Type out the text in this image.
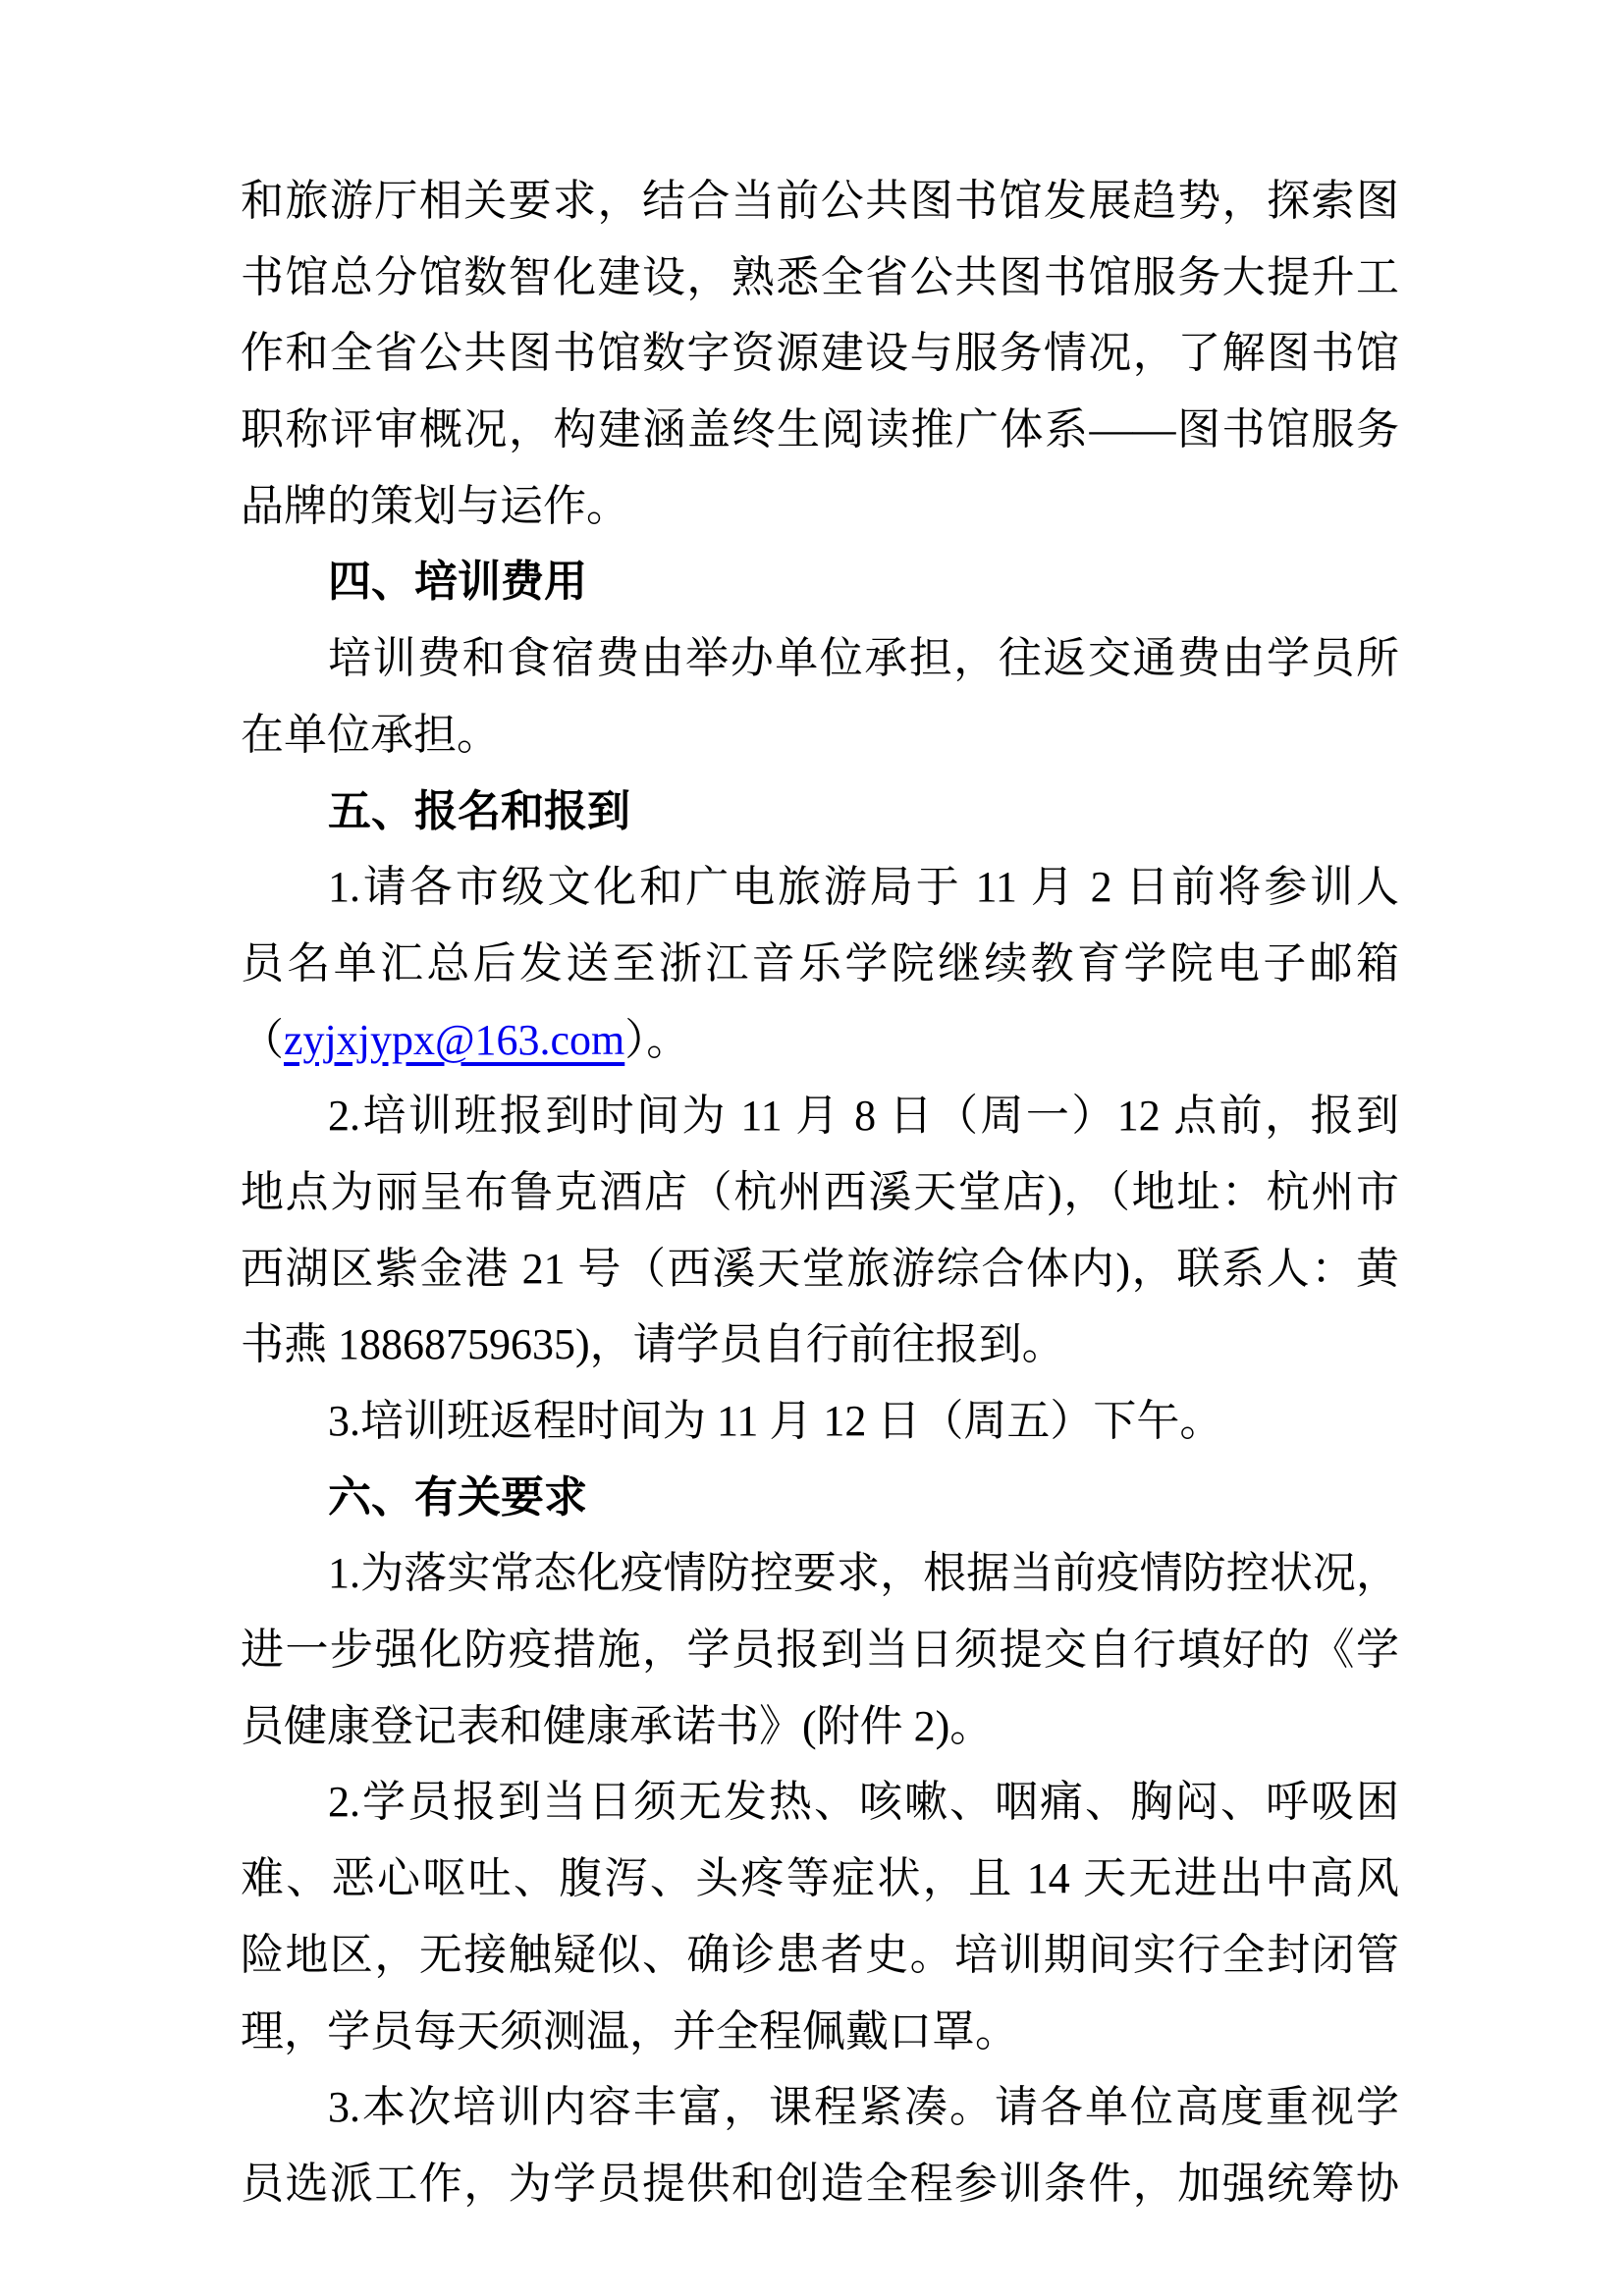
和旅游厅相关要求，结合当前公共图书馆发展趋势，探索图
书馆总分馆数智化建设，熟悉全省公共图书馆服务大提升工
作和全省公共图书馆数字资源建设与服务情况，了解图书馆
职称评审概况，构建涵盖终生阅读推广体系——图书馆服务
品牌的策划与运作。
四、培训费用
培训费和食宿费由举办单位承担，往返交通费由学员所
在单位承担。
五、报名和报到
1.请各市级文化和广电旅游局于 11 月 2 日前将参训人
员名单汇总后发送至浙江音乐学院继续教育学院电子邮箱
（zyjxjypx@163.com）。
2.培训班报到时间为 11 月 8 日（周一）12 点前，报到
地点为丽呈布鲁克酒店（杭州西溪天堂店)，（地址：杭州市
西湖区紫金港 21 号（西溪天堂旅游综合体内)，联系人：黄
书燕 18868759635)，请学员自行前往报到。
3.培训班返程时间为 11 月 12 日（周五）下午。
六、有关要求
1.为落实常态化疫情防控要求，根据当前疫情防控状况，
进一步强化防疫措施，学员报到当日须提交自行填好的《学
员健康登记表和健康承诺书》(附件 2)。
2.学员报到当日须无发热、咳嗽、咽痛、胸闷、呼吸困
难、恶心呕吐、腹泻、头疼等症状，且 14 天无进出中高风
险地区，无接触疑似、确诊患者史。培训期间实行全封闭管
理，学员每天须测温，并全程佩戴口罩。
3.本次培训内容丰富，课程紧凑。请各单位高度重视学
员选派工作，为学员提供和创造全程参训条件，加强统筹协
